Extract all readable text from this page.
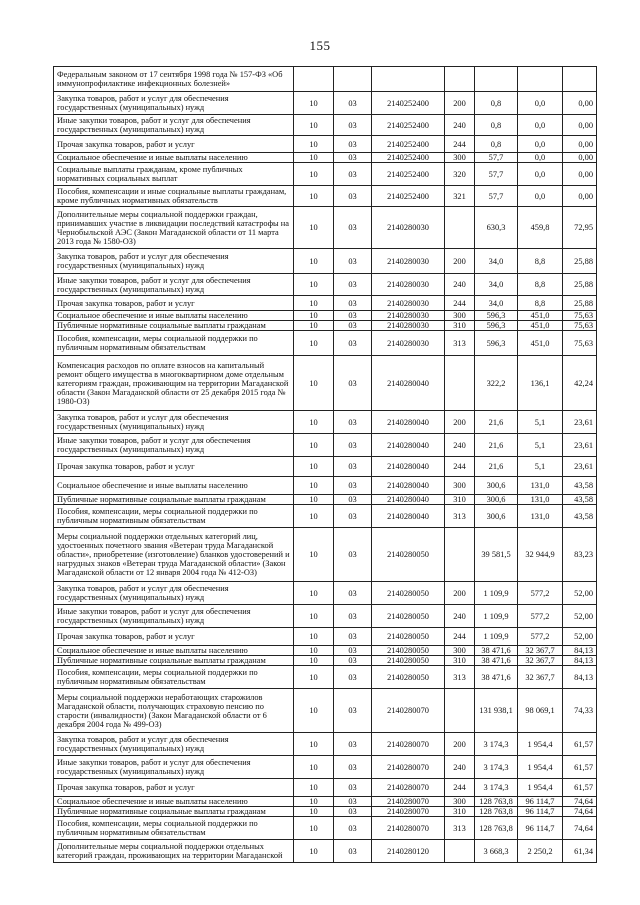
155
Федеральным законом от 17 сентября 1998 года № 157-ФЗ «Об иммунопрофилактике инфекционных болезней»							
Закупка товаров, работ и услуг для обеспечения государственных (муниципальных) нужд	10	03	2140252400	200	0,8	0,0	0,00
Иные закупки товаров, работ и услуг для обеспечения государственных (муниципальных) нужд	10	03	2140252400	240	0,8	0,0	0,00
Прочая закупка товаров, работ и услуг	10	03	2140252400	244	0,8	0,0	0,00
Социальное обеспечение и иные выплаты населению	10	03	2140252400	300	57,7	0,0	0,00
Социальные выплаты гражданам, кроме публичных нормативных социальных выплат	10	03	2140252400	320	57,7	0,0	0,00
Пособия, компенсации и иные социальные выплаты гражданам, кроме публичных нормативных обязательств	10	03	2140252400	321	57,7	0,0	0,00
Дополнительные меры социальной поддержки граждан, принимавших участие в ликвидации последствий катастрофы на Чернобыльской АЭС (Закон Магаданской области от 11 марта 2013 года № 1580-ОЗ)	10	03	2140280030		630,3	459,8	72,95
Закупка товаров, работ и услуг для обеспечения государственных (муниципальных) нужд	10	03	2140280030	200	34,0	8,8	25,88
Иные закупки товаров, работ и услуг для обеспечения государственных (муниципальных) нужд	10	03	2140280030	240	34,0	8,8	25,88
Прочая закупка товаров, работ и услуг	10	03	2140280030	244	34,0	8,8	25,88
Социальное обеспечение и иные выплаты населению	10	03	2140280030	300	596,3	451,0	75,63
Публичные нормативные социальные выплаты гражданам	10	03	2140280030	310	596,3	451,0	75,63
Пособия, компенсации, меры социальной поддержки по публичным нормативным обязательствам	10	03	2140280030	313	596,3	451,0	75,63
Компенсация расходов по оплате взносов на капитальный ремонт общего имущества в многоквартирном доме отдельным категориям граждан, проживающим на территории Магаданской области (Закон Магаданской области от 25 декабря 2015 года № 1980-ОЗ)	10	03	2140280040		322,2	136,1	42,24
Закупка товаров, работ и услуг для обеспечения государственных (муниципальных) нужд	10	03	2140280040	200	21,6	5,1	23,61
Иные закупки товаров, работ и услуг для обеспечения государственных (муниципальных) нужд	10	03	2140280040	240	21,6	5,1	23,61
Прочая закупка товаров, работ и услуг	10	03	2140280040	244	21,6	5,1	23,61
Социальное обеспечение и иные выплаты населению	10	03	2140280040	300	300,6	131,0	43,58
Публичные нормативные социальные выплаты гражданам	10	03	2140280040	310	300,6	131,0	43,58
Пособия, компенсации, меры социальной поддержки по публичным нормативным обязательствам	10	03	2140280040	313	300,6	131,0	43,58
Меры социальной поддержки отдельных категорий лиц, удостоенных почетного звания «Ветеран труда Магаданской области», приобретение (изготовление) бланков удостоверений и нагрудных знаков «Ветеран труда Магаданской области» (Закон Магаданской области от 12 января 2004 года № 412-ОЗ)	10	03	2140280050		39 581,5	32 944,9	83,23
Закупка товаров, работ и услуг для обеспечения государственных (муниципальных) нужд	10	03	2140280050	200	1 109,9	577,2	52,00
Иные закупки товаров, работ и услуг для обеспечения государственных (муниципальных) нужд	10	03	2140280050	240	1 109,9	577,2	52,00
Прочая закупка товаров, работ и услуг	10	03	2140280050	244	1 109,9	577,2	52,00
Социальное обеспечение и иные выплаты населению	10	03	2140280050	300	38 471,6	32 367,7	84,13
Публичные нормативные социальные выплаты гражданам	10	03	2140280050	310	38 471,6	32 367,7	84,13
Пособия, компенсации, меры социальной поддержки по публичным нормативным обязательствам	10	03	2140280050	313	38 471,6	32 367,7	84,13
Меры социальной поддержки неработающих старожилов Магаданской области, получающих страховую пенсию по старости (инвалидности) (Закон Магаданской области от 6 декабря 2004 года № 499-ОЗ)	10	03	2140280070		131 938,1	98 069,1	74,33
Закупка товаров, работ и услуг для обеспечения государственных (муниципальных) нужд	10	03	2140280070	200	3 174,3	1 954,4	61,57
Иные закупки товаров, работ и услуг для обеспечения государственных (муниципальных) нужд	10	03	2140280070	240	3 174,3	1 954,4	61,57
Прочая закупка товаров, работ и услуг	10	03	2140280070	244	3 174,3	1 954,4	61,57
Социальное обеспечение и иные выплаты населению	10	03	2140280070	300	128 763,8	96 114,7	74,64
Публичные нормативные социальные выплаты гражданам	10	03	2140280070	310	128 763,8	96 114,7	74,64
Пособия, компенсации, меры социальной поддержки по публичным нормативным обязательствам	10	03	2140280070	313	128 763,8	96 114,7	74,64
Дополнительные меры социальной поддержки отдельных категорий граждан, проживающих на территории Магаданской	10	03	2140280120		3 668,3	2 250,2	61,34
